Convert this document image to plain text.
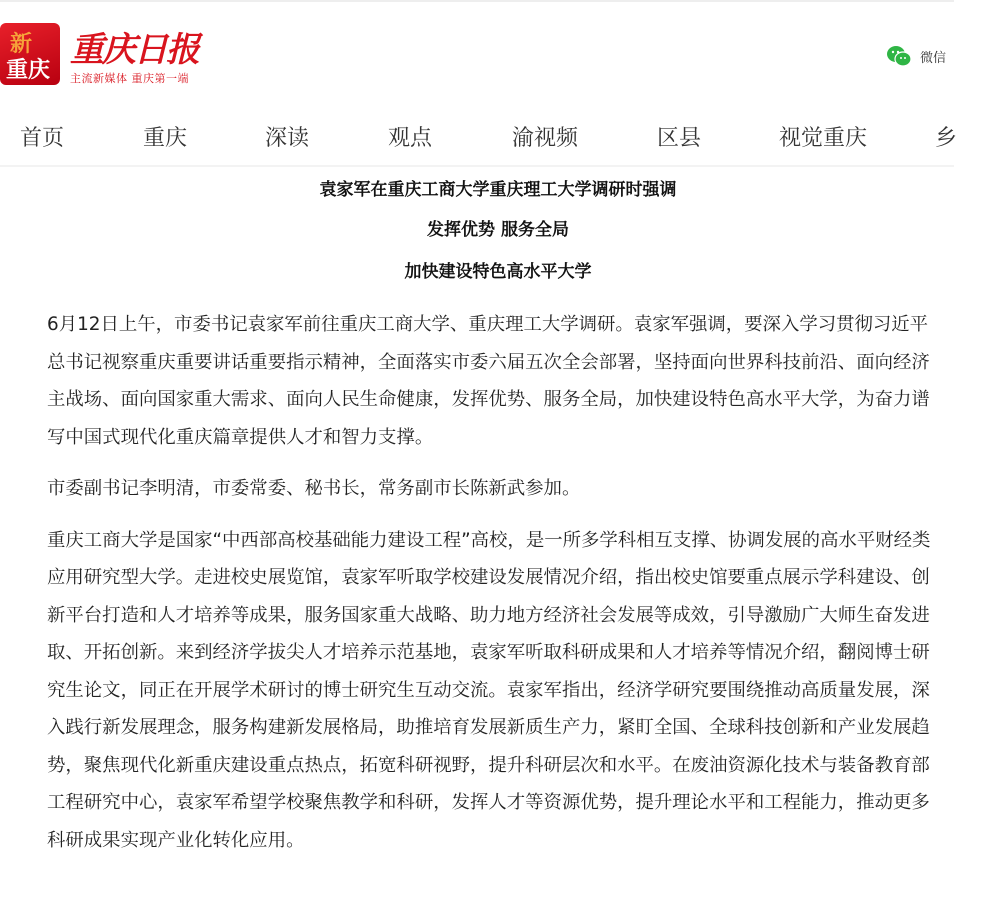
新
重庆 重庆日报
主流新媒体 重庆第一端
微信
首页	重庆	深读	观点	渝视频	区县	视觉重庆	乡
袁家军在重庆工商大学重庆理工大学调研时强调
发挥优势 服务全局
加快建设特色高水平大学

6月12日上午，市委书记袁家军前往重庆工商大学、重庆理工大学调研。袁家军强调，要深入学习贯彻习近平总书记视察重庆重要讲话重要指示精神，全面落实市委六届五次全会部署，坚持面向世界科技前沿、面向经济主战场、面向国家重大需求、面向人民生命健康，发挥优势、服务全局，加快建设特色高水平大学，为奋力谱写中国式现代化重庆篇章提供人才和智力支撑。

市委副书记李明清，市委常委、秘书长，常务副市长陈新武参加。

重庆工商大学是国家“中西部高校基础能力建设工程”高校，是一所多学科相互支撑、协调发展的高水平财经类应用研究型大学。走进校史展览馆，袁家军听取学校建设发展情况介绍，指出校史馆要重点展示学科建设、创新平台打造和人才培养等成果，服务国家重大战略、助力地方经济社会发展等成效，引导激励广大师生奋发进取、开拓创新。来到经济学拔尖人才培养示范基地，袁家军听取科研成果和人才培养等情况介绍，翻阅博士研究生论文，同正在开展学术研讨的博士研究生互动交流。袁家军指出，经济学研究要围绕推动高质量发展，深入践行新发展理念，服务构建新发展格局，助推培育发展新质生产力，紧盯全国、全球科技创新和产业发展趋势，聚焦现代化新重庆建设重点热点，拓宽科研视野，提升科研层次和水平。在废油资源化技术与装备教育部工程研究中心，袁家军希望学校聚焦教学和科研，发挥人才等资源优势，提升理论水平和工程能力，推动更多科研成果实现产业化转化应用。
